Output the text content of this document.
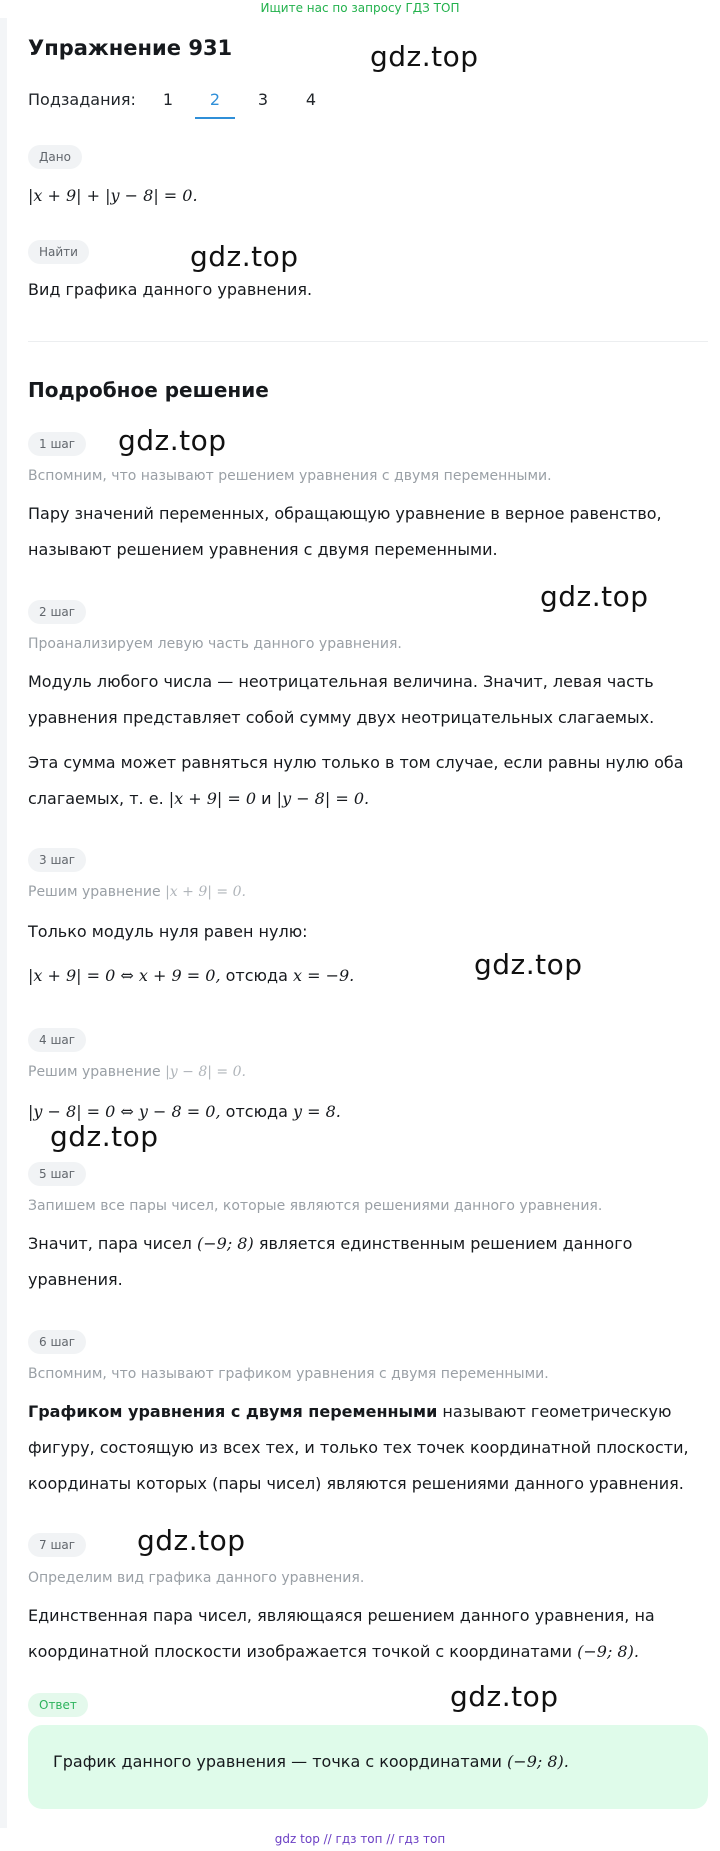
Ищите нас по запросу ГДЗ ТОП
Упражнение 931	gdz.top
Подзадания:	1	2	3	4
Дано
|x + 9| + |y − 8| = 0.
Найти	gdz.top
Вид графика данного уравнения.
Подробное решение
1 шаг	gdz.top
Вспомним, что называют решением уравнения с двумя переменными.
Пару значений переменных, обращающую уравнение в верное равенство,
называют решением уравнения с двумя переменными.
gdz.top
2 шаг
Проанализируем левую часть данного уравнения.
Модуль любого числа — неотрицательная величина. Значит, левая часть
уравнения представляет собой сумму двух неотрицательных слагаемых.
Эта сумма может равняться нулю только в том случае, если равны нулю оба
слагаемых, т. е. |x + 9| = 0 и |y − 8| = 0.
3 шаг
Решим уравнение |x + 9| = 0.
Только модуль нуля равен нулю:
|x + 9| = 0 ⇔ x + 9 = 0, отсюда x = −9.	gdz.top
4 шаг
Решим уравнение |y − 8| = 0.
|y − 8| = 0 ⇔ y − 8 = 0, отсюда y = 8.
gdz.top
5 шаг
Запишем все пары чисел, которые являются решениями данного уравнения.
Значит, пара чисел (−9; 8) является единственным решением данного
уравнения.
6 шаг
Вспомним, что называют графиком уравнения с двумя переменными.
Графиком уравнения с двумя переменными называют геометрическую
фигуру, состоящую из всех тех, и только тех точек координатной плоскости,
координаты которых (пары чисел) являются решениями данного уравнения.
7 шаг	gdz.top
Определим вид графика данного уравнения.
Единственная пара чисел, являющаяся решением данного уравнения, на
координатной плоскости изображается точкой с координатами (−9; 8).
Ответ	gdz.top
График данного уравнения — точка с координатами (−9; 8).
gdz top // гдз топ // гдз топ
